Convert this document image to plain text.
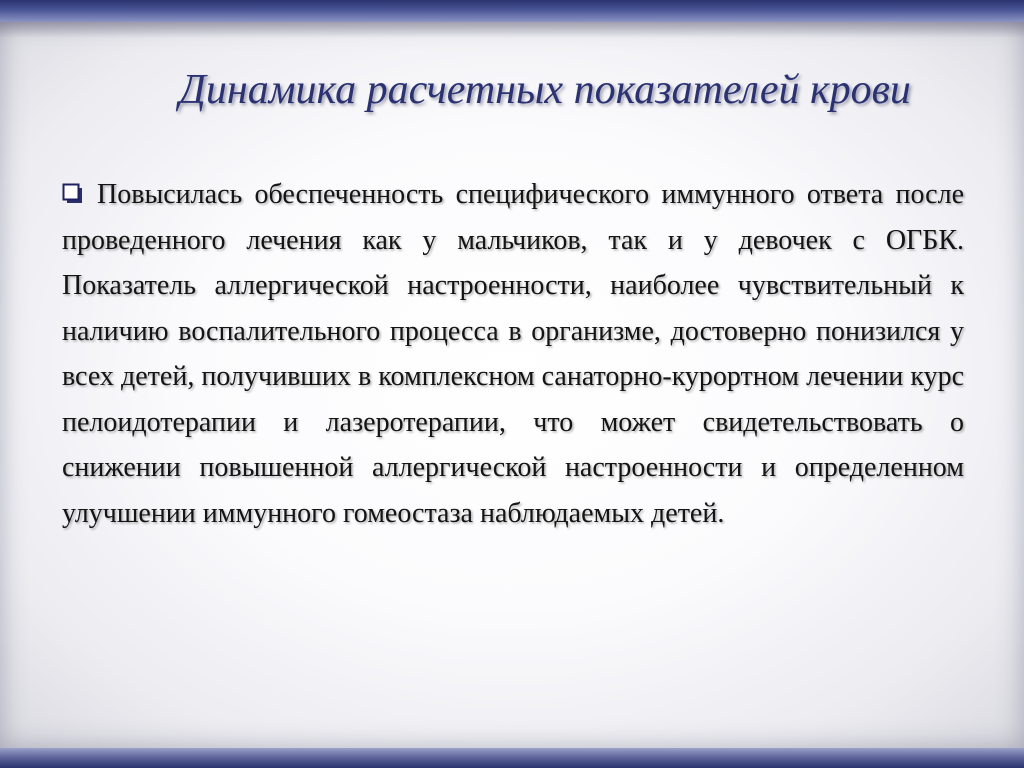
Динамика расчетных показателей крови

Повысилась обеспеченность специфического иммунного ответа после проведенного лечения как у мальчиков, так и у девочек с ОГБК. Показатель аллергической настроенности, наиболее чувствительный к наличию воспалительного процесса в организме, достоверно понизился у всех детей, получивших в комплексном санаторно-курортном лечении курс пелоидотерапии и лазеротерапии, что может свидетельствовать о снижении повышенной аллергической настроенности и определенном улучшении иммунного гомеостаза наблюдаемых детей.
